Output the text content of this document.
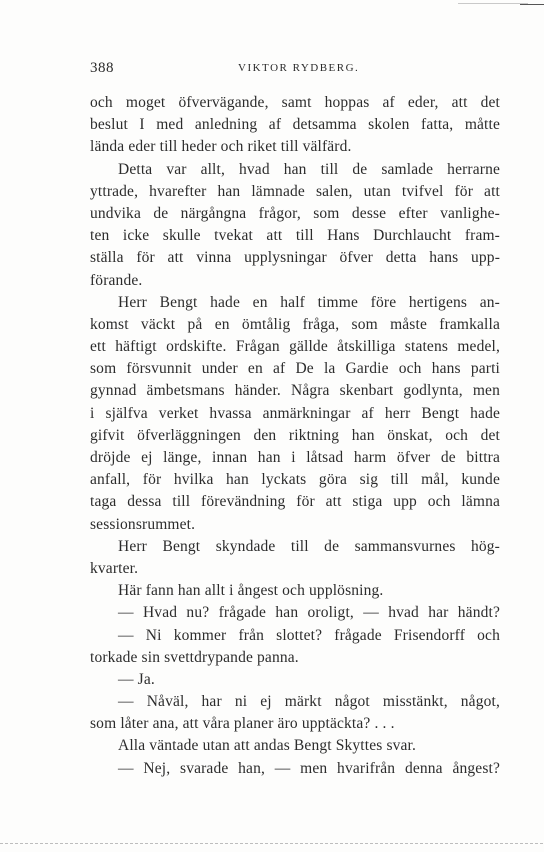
388	VIKTOR RYDBERG.
och moget öfvervägande, samt hoppas af eder, att det
beslut I med anledning af detsamma skolen fatta, måtte
lända eder till heder och riket till välfärd.
Detta var allt, hvad han till de samlade herrarne
yttrade, hvarefter han lämnade salen, utan tvifvel för att
undvika de närgångna frågor, som desse efter vanlighe-
ten icke skulle tvekat att till Hans Durchlaucht fram-
ställa för att vinna upplysningar öfver detta hans upp-
förande.
Herr Bengt hade en half timme före hertigens an-
komst väckt på en ömtålig fråga, som måste framkalla
ett häftigt ordskifte. Frågan gällde åtskilliga statens medel,
som försvunnit under en af De la Gardie och hans parti
gynnad ämbetsmans händer. Några skenbart godlynta, men
i själfva verket hvassa anmärkningar af herr Bengt hade
gifvit öfverläggningen den riktning han önskat, och det
dröjde ej länge, innan han i låtsad harm öfver de bittra
anfall, för hvilka han lyckats göra sig till mål, kunde
taga dessa till förevändning för att stiga upp och lämna
sessionsrummet.
Herr Bengt skyndade till de sammansvurnes hög-
kvarter.
Här fann han allt i ångest och upplösning.
— Hvad nu? frågade han oroligt, — hvad har händt?
— Ni kommer från slottet? frågade Frisendorff och
torkade sin svettdrypande panna.
— Ja.
— Nåväl, har ni ej märkt något misstänkt, något,
som låter ana, att våra planer äro upptäckta? . . .
Alla väntade utan att andas Bengt Skyttes svar.
— Nej, svarade han, — men hvarifrån denna ångest?
